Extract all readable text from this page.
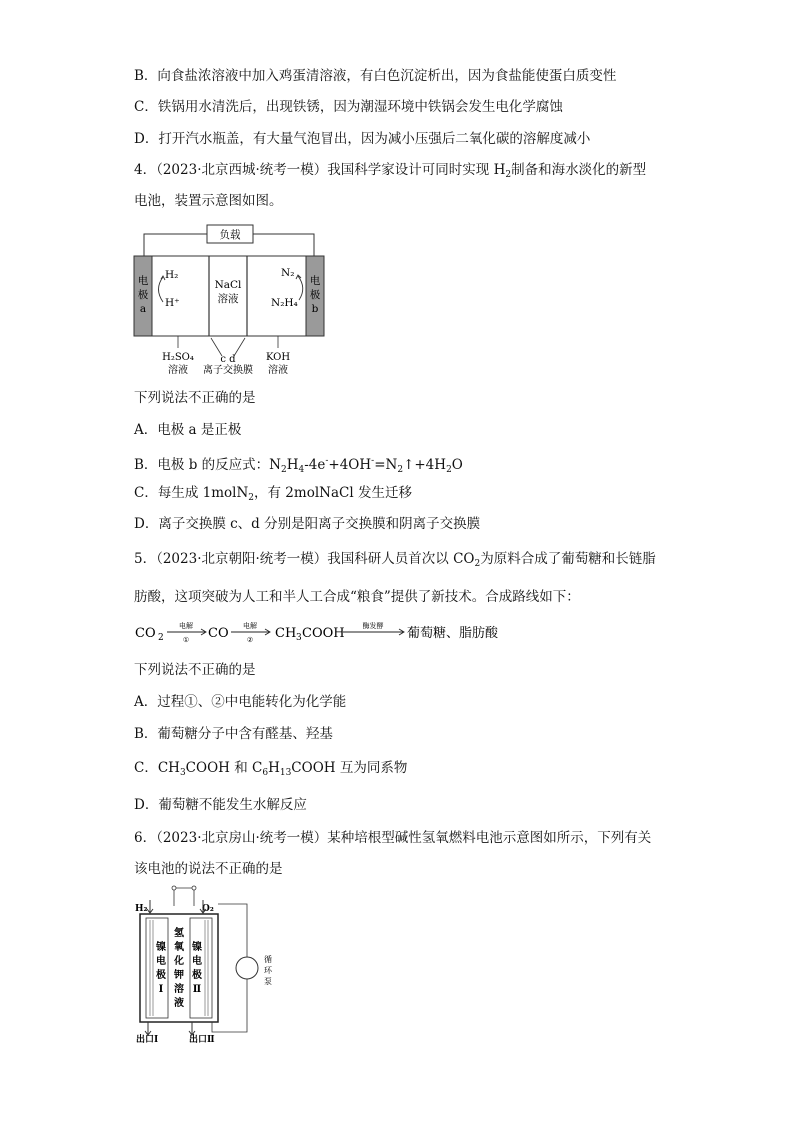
B．向食盐浓溶液中加入鸡蛋清溶液，有白色沉淀析出，因为食盐能使蛋白质变性
C．铁锅用水清洗后，出现铁锈，因为潮湿环境中铁锅会发生电化学腐蚀
D．打开汽水瓶盖，有大量气泡冒出，因为减小压强后二氧化碳的溶解度减小
4．（2023·北京西城·统考一模）我国科学家设计可同时实现 $H_2$制备和海水淡化的新型
电池，装置示意图如图。
负载
电
极
a
电
极
b
H₂
H⁺
NaCl
溶液
N₂
N₂H₄
H₂SO₄
溶液
c d
离子交换膜
KOH
溶液
下列说法不正确的是
A．电极 a 是正极
B．电极 b 的反应式：$N_2H_4-4e^-+4OH^-=N_2↑+4H_2O$
C．每生成 1molN$_2$，有 2molNaCl 发生迁移
D．离子交换膜 c、d 分别是阳离子交换膜和阴离子交换膜
5．（2023·北京朝阳·统考一模）我国科研人员首次以 $CO_2$为原料合成了葡萄糖和长链脂
肪酸，这项突破为人工和半人工合成“粮食”提供了新技术。合成路线如下：
CO 2
电解
① CO 电解
② CH 3 COOH	酶发酵 葡萄糖、脂肪酸
下列说法不正确的是
A．过程①、②中电能转化为化学能
B．葡萄糖分子中含有醛基、羟基
C．$CH_3COOH$ 和 $C_6H_{13}COOH$ 互为同系物
D．葡萄糖不能发生水解反应
6．（2023·北京房山·统考一模）某种培根型碱性氢氧燃料电池示意图如所示，下列有关
该电池的说法不正确的是
H₂	O₂
镍
电
极
Ⅰ
氢
氧
化
钾
溶
液
镍
电
极
Ⅱ
循
环
泵
出口Ⅰ	出口Ⅱ
